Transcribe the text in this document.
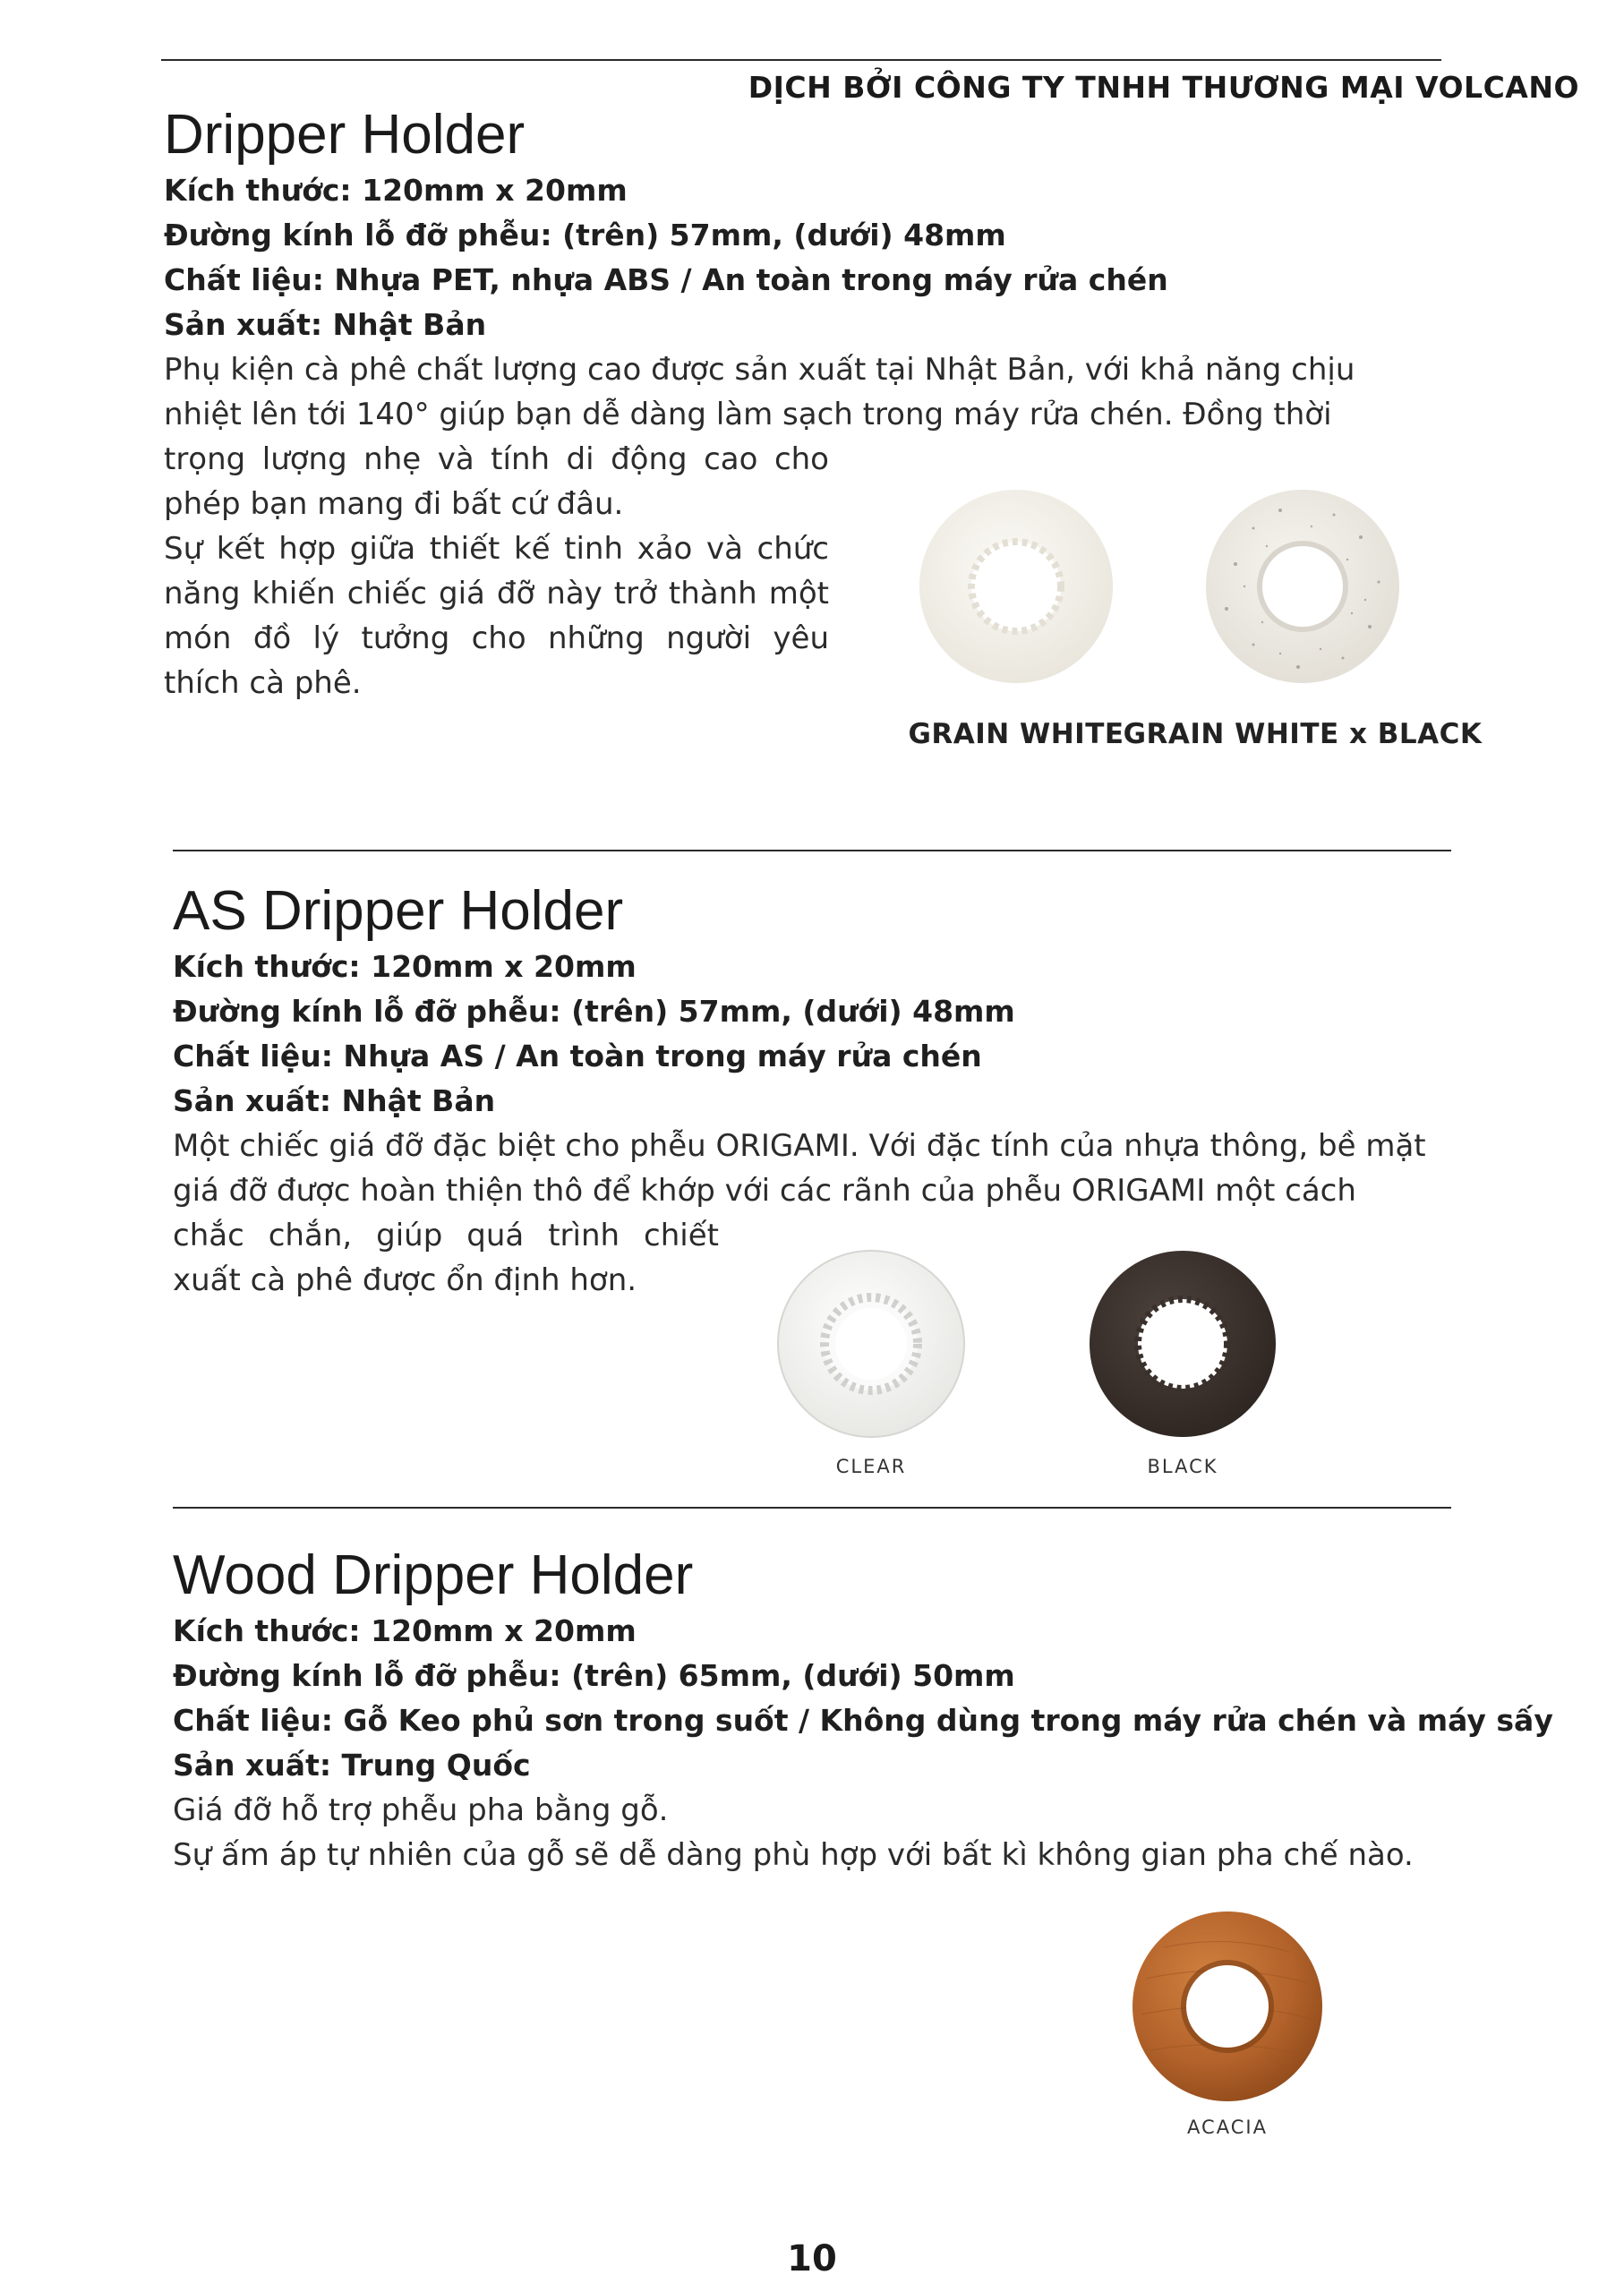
DỊCH BỞI CÔNG TY TNHH THƯƠNG MẠI VOLCANO
Dripper Holder
Kích thước: 120mm x 20mm
Đường kính lỗ đỡ phễu: (trên) 57mm, (dưới) 48mm
Chất liệu: Nhựa PET, nhựa ABS / An toàn trong máy rửa chén
Sản xuất: Nhật Bản
Phụ kiện cà phê chất lượng cao được sản xuất tại Nhật Bản, với khả năng chịu
nhiệt lên tới 140° giúp bạn dễ dàng làm sạch trong máy rửa chén. Đồng thời
trọng lượng nhẹ và tính di động cao cho phép bạn mang đi bất cứ đâu.
Sự kết hợp giữa thiết kế tinh xảo và chức năng khiến chiếc giá đỡ này trở thành một món đồ lý tưởng cho những người yêu thích cà phê.
GRAIN WHITE GRAIN WHITE x BLACK
AS Dripper Holder
Kích thước: 120mm x 20mm
Đường kính lỗ đỡ phễu: (trên) 57mm, (dưới) 48mm
Chất liệu: Nhựa AS / An toàn trong máy rửa chén
Sản xuất: Nhật Bản
Một chiếc giá đỡ đặc biệt cho phễu ORIGAMI. Với đặc tính của nhựa thông, bề mặt
giá đỡ được hoàn thiện thô để khớp với các rãnh của phễu ORIGAMI một cách
chắc chắn, giúp quá trình chiết xuất cà phê được ổn định hơn.
CLEAR	BLACK
Wood Dripper Holder
Kích thước: 120mm x 20mm
Đường kính lỗ đỡ phễu: (trên) 65mm, (dưới) 50mm
Chất liệu: Gỗ Keo phủ sơn trong suốt / Không dùng trong máy rửa chén và máy sấy
Sản xuất: Trung Quốc
Giá đỡ hỗ trợ phễu pha bằng gỗ.
Sự ấm áp tự nhiên của gỗ sẽ dễ dàng phù hợp với bất kì không gian pha chế nào.
ACACIA
10
